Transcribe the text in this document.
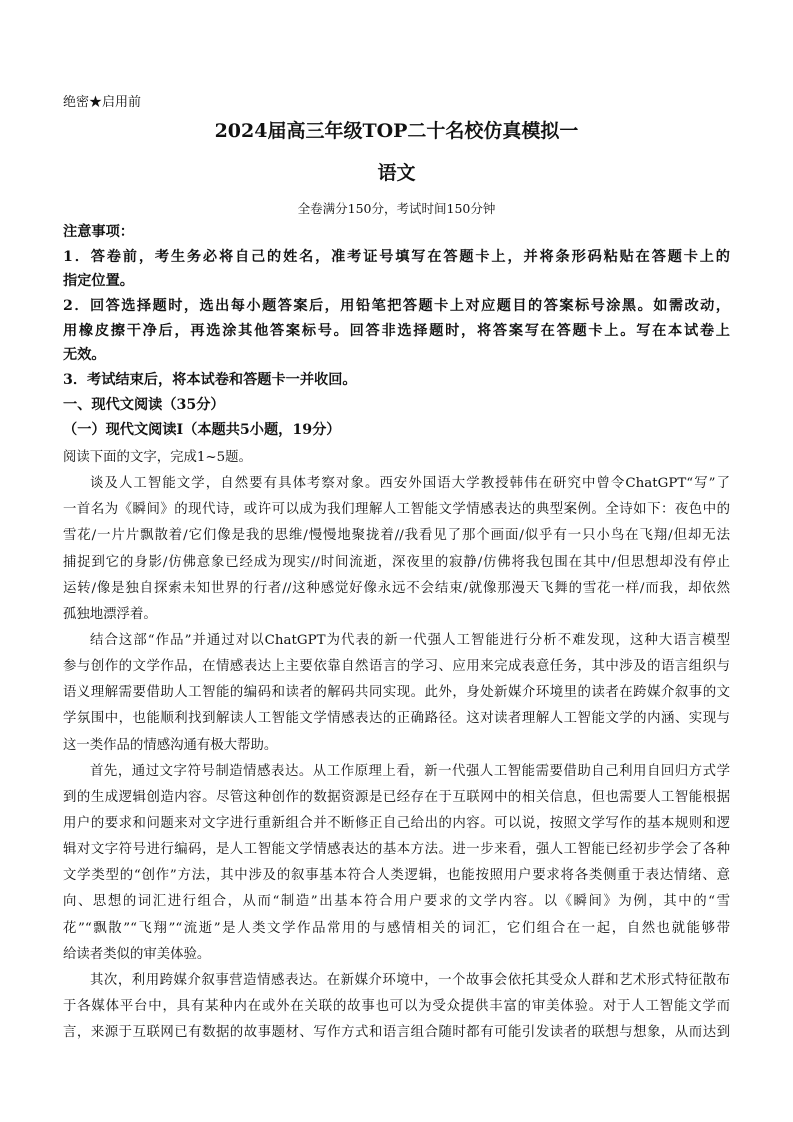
绝密★启用前
2024届高三年级TOP二十名校仿真模拟一
语文
全卷满分150分，考试时间150分钟
注意事项：
1．答卷前，考生务必将自己的姓名，准考证号填写在答题卡上，并将条形码粘贴在答题卡上的
指定位置。
2．回答选择题时，选出每小题答案后，用铅笔把答题卡上对应题目的答案标号涂黑。如需改动，
用橡皮擦干净后，再选涂其他答案标号。回答非选择题时，将答案写在答题卡上。写在本试卷上
无效。
3．考试结束后，将本试卷和答题卡一并收回。
一、现代文阅读（35分）
（一）现代文阅读Ⅰ（本题共5小题，19分）
阅读下面的文字，完成1~5题。
谈及人工智能文学，自然要有具体考察对象。西安外国语大学教授韩伟在研究中曾令ChatGPT“写”了
一首名为《瞬间》的现代诗，或许可以成为我们理解人工智能文学情感表达的典型案例。全诗如下：夜色中的
雪花/一片片飘散着/它们像是我的思维/慢慢地聚拢着//我看见了那个画面/似乎有一只小鸟在飞翔/但却无法
捕捉到它的身影/仿佛意象已经成为现实//时间流逝，深夜里的寂静/仿佛将我包围在其中/但思想却没有停止
运转/像是独自探索未知世界的行者//这种感觉好像永远不会结束/就像那漫天飞舞的雪花一样/而我，却依然
孤独地漂浮着。
结合这部“作品”并通过对以ChatGPT为代表的新一代强人工智能进行分析不难发现，这种大语言模型
参与创作的文学作品，在情感表达上主要依靠自然语言的学习、应用来完成表意任务，其中涉及的语言组织与
语义理解需要借助人工智能的编码和读者的解码共同实现。此外，身处新媒介环境里的读者在跨媒介叙事的文
学氛围中，也能顺利找到解读人工智能文学情感表达的正确路径。这对读者理解人工智能文学的内涵、实现与
这一类作品的情感沟通有极大帮助。
首先，通过文字符号制造情感表达。从工作原理上看，新一代强人工智能需要借助自己利用自回归方式学
到的生成逻辑创造内容。尽管这种创作的数据资源是已经存在于互联网中的相关信息，但也需要人工智能根据
用户的要求和问题来对文字进行重新组合并不断修正自己给出的内容。可以说，按照文学写作的基本规则和逻
辑对文字符号进行编码，是人工智能文学情感表达的基本方法。进一步来看，强人工智能已经初步学会了各种
文学类型的“创作”方法，其中涉及的叙事基本符合人类逻辑，也能按照用户要求将各类侧重于表达情绪、意
向、思想的词汇进行组合，从而“制造”出基本符合用户要求的文学内容。以《瞬间》为例，其中的“雪
花”“飘散”“飞翔”“流逝”是人类文学作品常用的与感情相关的词汇，它们组合在一起，自然也就能够带
给读者类似的审美体验。
其次，利用跨媒介叙事营造情感表达。在新媒介环境中，一个故事会依托其受众人群和艺术形式特征散布
于各媒体平台中，具有某种内在或外在关联的故事也可以为受众提供丰富的审美体验。对于人工智能文学而
言，来源于互联网已有数据的故事题材、写作方式和语言组合随时都有可能引发读者的联想与想象，从而达到
